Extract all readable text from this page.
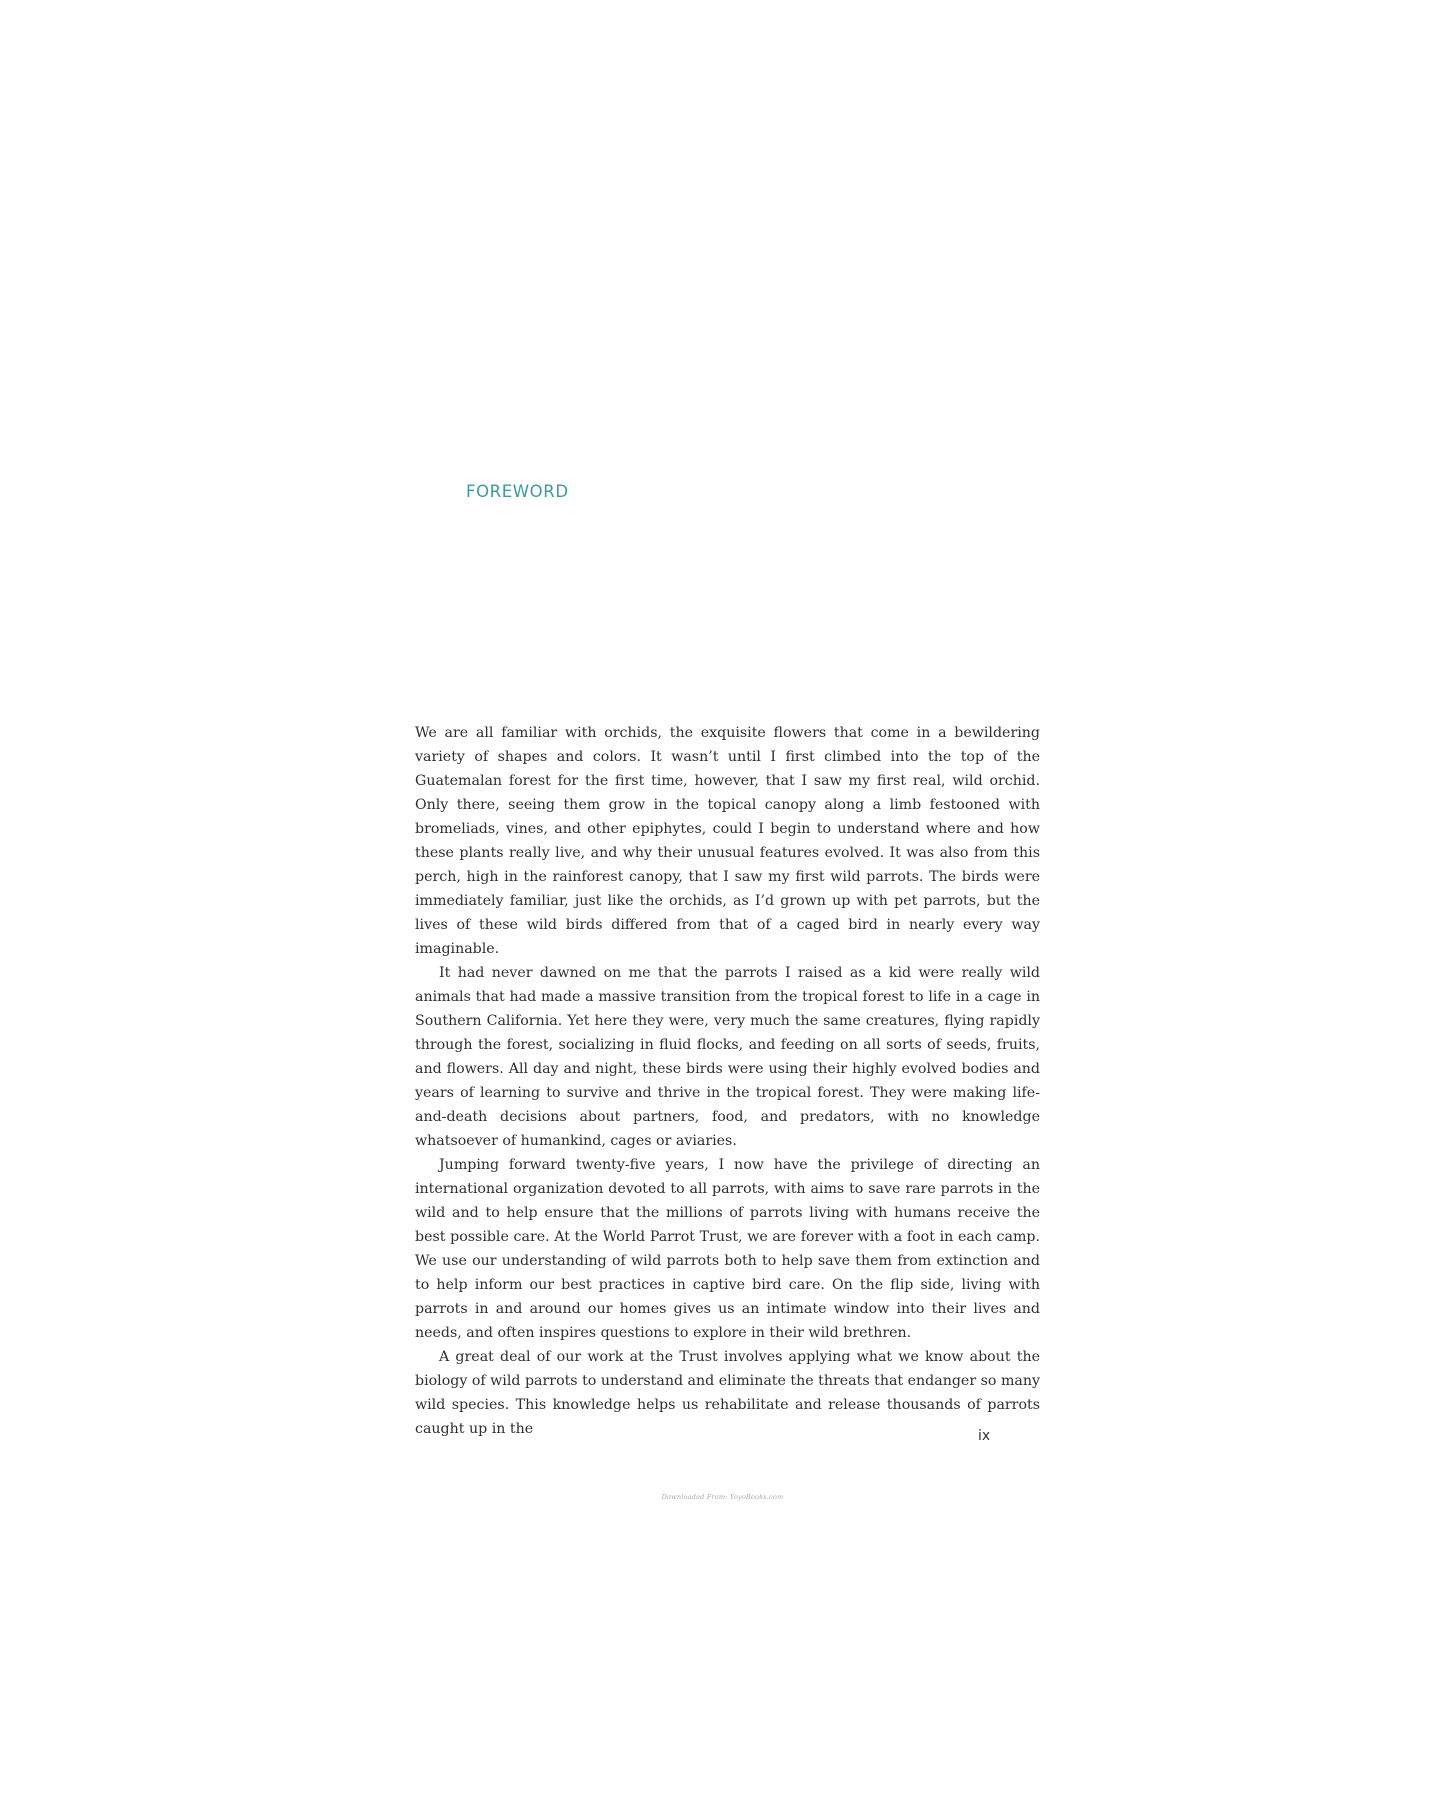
FOREWORD

We are all familiar with orchids, the exquisite flowers that come in a bewildering variety of shapes and colors. It wasn’t until I first climbed into the top of the Guatemalan forest for the first time, however, that I saw my first real, wild orchid. Only there, seeing them grow in the topical canopy along a limb festooned with bromeliads, vines, and other epiphytes, could I begin to understand where and how these plants really live, and why their unusual features evolved. It was also from this perch, high in the rainforest canopy, that I saw my first wild parrots. The birds were immediately familiar, just like the orchids, as I’d grown up with pet parrots, but the lives of these wild birds differed from that of a caged bird in nearly every way imaginable.

It had never dawned on me that the parrots I raised as a kid were really wild animals that had made a massive transition from the tropical forest to life in a cage in Southern California. Yet here they were, very much the same creatures, flying rapidly through the forest, socializing in fluid flocks, and feeding on all sorts of seeds, fruits, and flowers. All day and night, these birds were using their highly evolved bodies and years of learning to survive and thrive in the tropical forest. They were making life-and-death decisions about partners, food, and predators, with no knowledge whatsoever of humankind, cages or aviaries.

Jumping forward twenty-five years, I now have the privilege of directing an international organization devoted to all parrots, with aims to save rare parrots in the wild and to help ensure that the millions of parrots living with humans receive the best possible care. At the World Parrot Trust, we are forever with a foot in each camp. We use our understanding of wild parrots both to help save them from extinction and to help inform our best practices in captive bird care. On the flip side, living with parrots in and around our homes gives us an intimate window into their lives and needs, and often inspires questions to explore in their wild brethren.

A great deal of our work at the Trust involves applying what we know about the biology of wild parrots to understand and eliminate the threats that endanger so many wild species. This knowledge helps us rehabilitate and release thousands of parrots caught up in the	ix
Downloaded From: YoyoBooks.com
